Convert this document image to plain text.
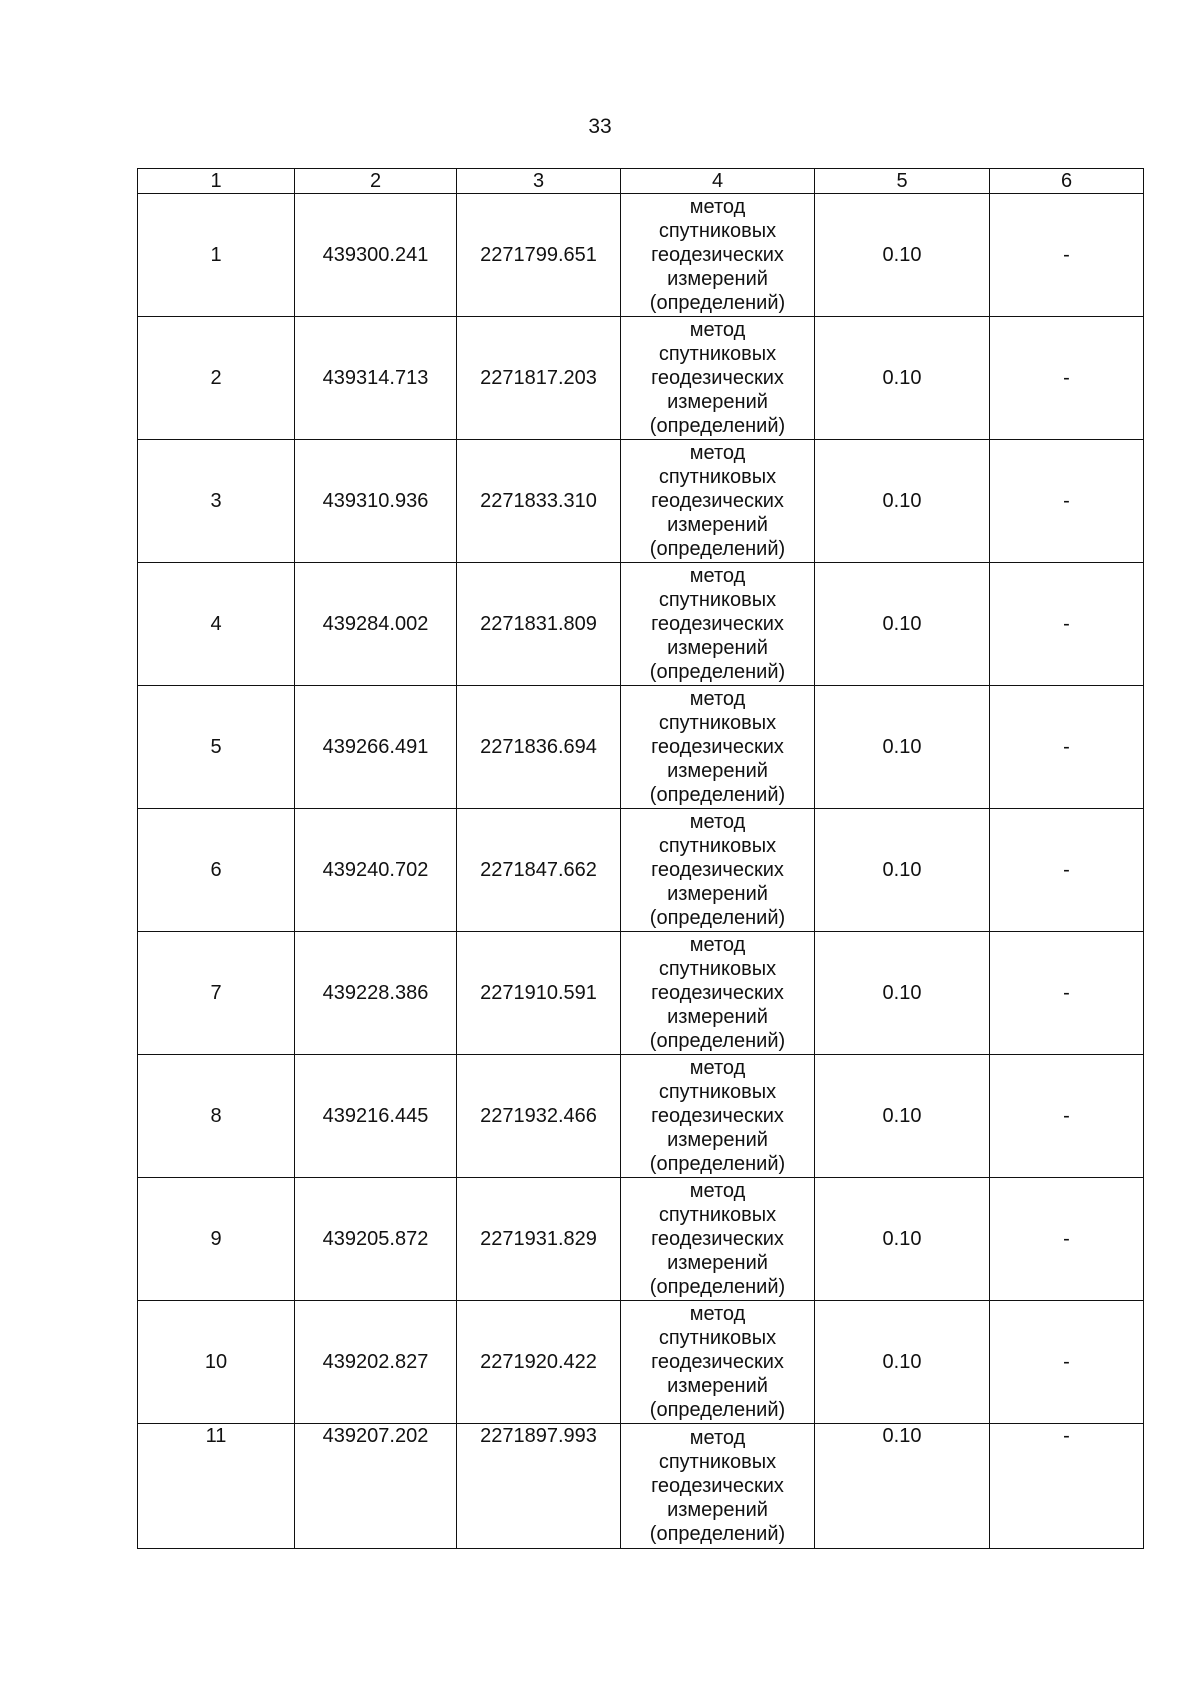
33
1	2	3	4	5	6
1	439300.241	2271799.651	метод
спутниковых
геодезических
измерений
(определений)	0.10	-
2	439314.713	2271817.203	метод
спутниковых
геодезических
измерений
(определений)	0.10	-
3	439310.936	2271833.310	метод
спутниковых
геодезических
измерений
(определений)	0.10	-
4	439284.002	2271831.809	метод
спутниковых
геодезических
измерений
(определений)	0.10	-
5	439266.491	2271836.694	метод
спутниковых
геодезических
измерений
(определений)	0.10	-
6	439240.702	2271847.662	метод
спутниковых
геодезических
измерений
(определений)	0.10	-
7	439228.386	2271910.591	метод
спутниковых
геодезических
измерений
(определений)	0.10	-
8	439216.445	2271932.466	метод
спутниковых
геодезических
измерений
(определений)	0.10	-
9	439205.872	2271931.829	метод
спутниковых
геодезических
измерений
(определений)	0.10	-
10	439202.827	2271920.422	метод
спутниковых
геодезических
измерений
(определений)	0.10	-
11	439207.202	2271897.993	метод
спутниковых
геодезических
измерений
(определений)	0.10	-
